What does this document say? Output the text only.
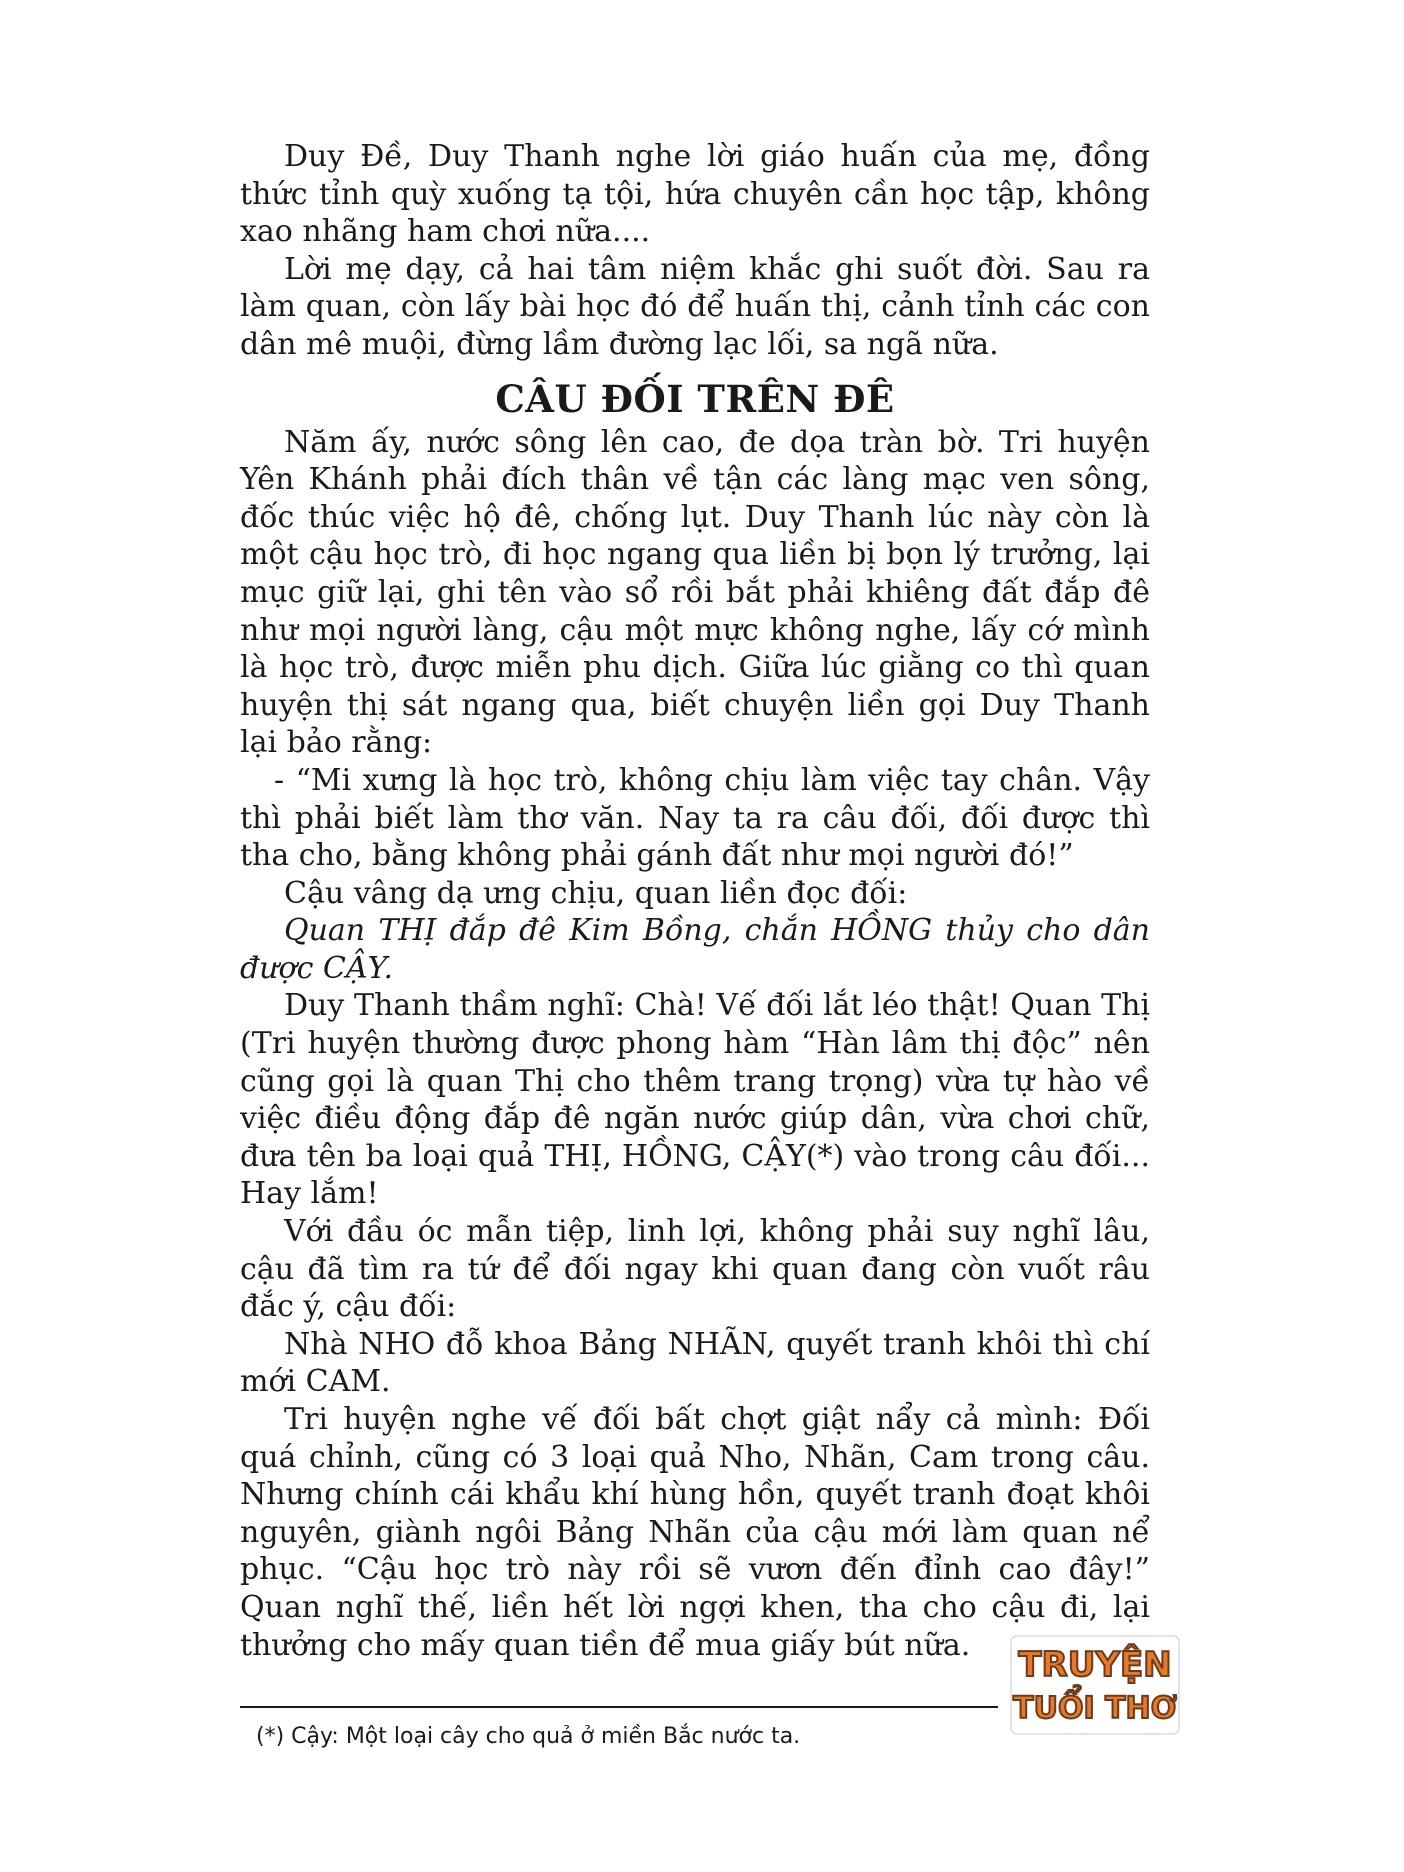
Duy Đề, Duy Thanh nghe lời giáo huấn của mẹ, đồng thức tỉnh quỳ xuống tạ tội, hứa chuyên cần học tập, không xao nhãng ham chơi nữa....

Lời mẹ dạy, cả hai tâm niệm khắc ghi suốt đời. Sau ra làm quan, còn lấy bài học đó để huấn thị, cảnh tỉnh các con dân mê muội, đừng lầm đường lạc lối, sa ngã nữa.

CÂU ĐỐI TRÊN ĐÊ

Năm ấy, nước sông lên cao, đe dọa tràn bờ. Tri huyện Yên Khánh phải đích thân về tận các làng mạc ven sông, đốc thúc việc hộ đê, chống lụt. Duy Thanh lúc này còn là một cậu học trò, đi học ngang qua liền bị bọn lý trưởng, lại mục giữ lại, ghi tên vào sổ rồi bắt phải khiêng đất đắp đê như mọi người làng, cậu một mực không nghe, lấy cớ mình là học trò, được miễn phu dịch. Giữa lúc giằng co thì quan huyện thị sát ngang qua, biết chuyện liền gọi Duy Thanh lại bảo rằng:

- “Mi xưng là học trò, không chịu làm việc tay chân. Vậy thì phải biết làm thơ văn. Nay ta ra câu đối, đối được thì tha cho, bằng không phải gánh đất như mọi người đó!”

Cậu vâng dạ ưng chịu, quan liền đọc đối:

Quan THỊ đắp đê Kim Bồng, chắn HỒNG thủy cho dân được CẬY.

Duy Thanh thầm nghĩ: Chà! Vế đối lắt léo thật! Quan Thị (Tri huyện thường được phong hàm “Hàn lâm thị độc” nên cũng gọi là quan Thị cho thêm trang trọng) vừa tự hào về việc điều động đắp đê ngăn nước giúp dân, vừa chơi chữ, đưa tên ba loại quả THỊ, HỒNG, CẬY(*) vào trong câu đối... Hay lắm!

Với đầu óc mẫn tiệp, linh lợi, không phải suy nghĩ lâu, cậu đã tìm ra tứ để đối ngay khi quan đang còn vuốt râu đắc ý, cậu đối:

Nhà NHO đỗ khoa Bảng NHÃN, quyết tranh khôi thì chí mới CAM.

Tri huyện nghe vế đối bất chợt giật nẩy cả mình: Đối quá chỉnh, cũng có 3 loại quả Nho, Nhãn, Cam trong câu. Nhưng chính cái khẩu khí hùng hồn, quyết tranh đoạt khôi nguyên, giành ngôi Bảng Nhãn của cậu mới làm quan nể phục. “Cậu học trò này rồi sẽ vươn đến đỉnh cao đây!” Quan nghĩ thế, liền hết lời ngợi khen, tha cho cậu đi, lại thưởng cho mấy quan tiền để mua giấy bút nữa.

(*) Cậy: Một loại cây cho quả ở miền Bắc nước ta.
TRUYỆN
TUỔI THƠ
